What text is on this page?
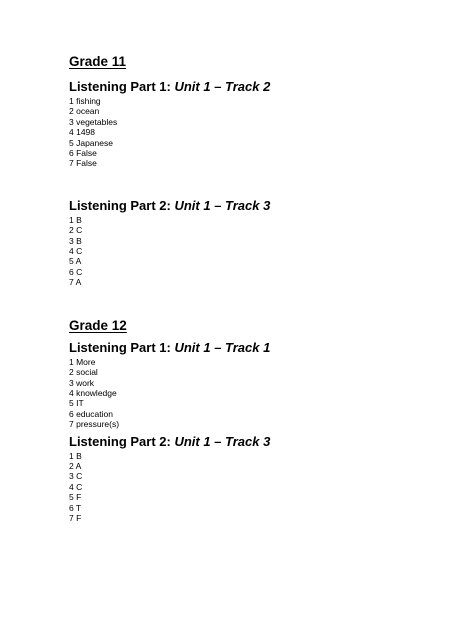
Grade 11
Listening Part 1: Unit 1 – Track 2
1 fishing
2 ocean
3 vegetables
4 1498
5 Japanese
6 False
7 False
Listening Part 2: Unit 1 – Track 3
1 B
2 C
3 B
4 C
5 A
6 C
7 A
Grade 12
Listening Part 1: Unit 1 – Track 1
1 More
2 social
3 work
4 knowledge
5 IT
6 education
7 pressure(s)
Listening Part 2: Unit 1 – Track 3
1 B
2 A
3 C
4 C
5 F
6 T
7 F
